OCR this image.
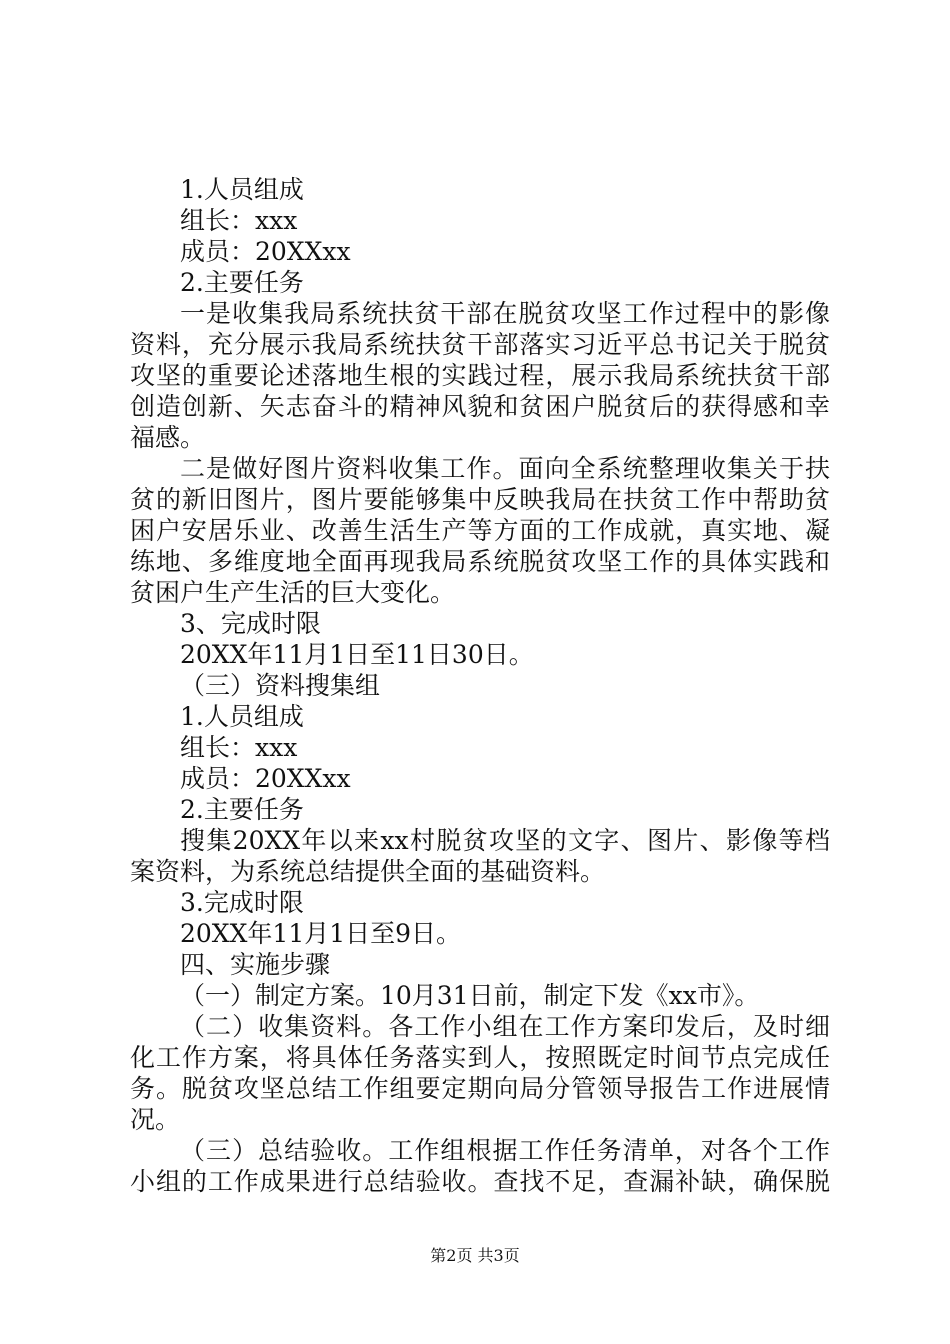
1.人员组成
组长：xxx
成员：20XXxx
2.主要任务
一是收集我局系统扶贫干部在脱贫攻坚工作过程中的影像
资料，充分展示我局系统扶贫干部落实习近平总书记关于脱贫
攻坚的重要论述落地生根的实践过程，展示我局系统扶贫干部
创造创新、矢志奋斗的精神风貌和贫困户脱贫后的获得感和幸
福感。
二是做好图片资料收集工作。面向全系统整理收集关于扶
贫的新旧图片，图片要能够集中反映我局在扶贫工作中帮助贫
困户安居乐业、改善生活生产等方面的工作成就，真实地、凝
练地、多维度地全面再现我局系统脱贫攻坚工作的具体实践和
贫困户生产生活的巨大变化。
3、完成时限
20XX年11月1日至11日30日。
（三）资料搜集组
1.人员组成
组长：xxx
成员：20XXxx
2.主要任务
搜集20XX年以来xx村脱贫攻坚的文字、图片、影像等档
案资料，为系统总结提供全面的基础资料。
3.完成时限
20XX年11月1日至9日。
四、实施步骤
（一）制定方案。10月31日前，制定下发《xx市》。
（二）收集资料。各工作小组在工作方案印发后，及时细
化工作方案，将具体任务落实到人，按照既定时间节点完成任
务。脱贫攻坚总结工作组要定期向局分管领导报告工作进展情
况。
（三）总结验收。工作组根据工作任务清单，对各个工作
小组的工作成果进行总结验收。查找不足，查漏补缺，确保脱
第2页 共3页
